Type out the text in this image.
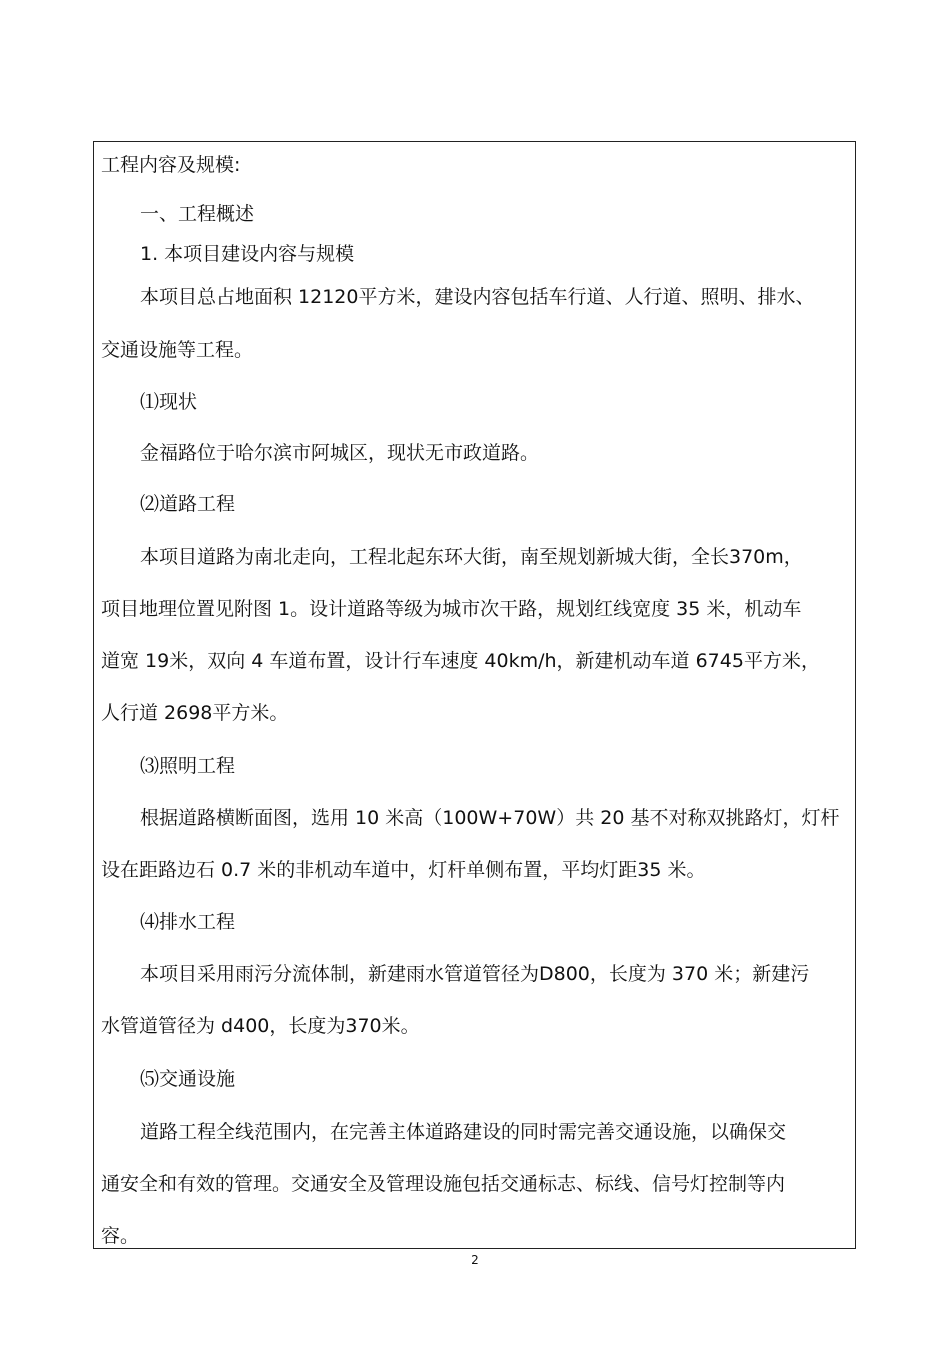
工程内容及规模:
一、工程概述
1. 本项目建设内容与规模
本项目总占地面积 12120平方米，建设内容包括车行道、人行道、照明、排水、
交通设施等工程。
⑴现状
金福路位于哈尔滨市阿城区，现状无市政道路。
⑵道路工程
本项目道路为南北走向，工程北起东环大街，南至规划新城大街，全长370m，
项目地理位置见附图 1。设计道路等级为城市次干路，规划红线宽度 35 米，机动车
道宽 19米，双向 4 车道布置，设计行车速度 40km/h，新建机动车道 6745平方米，
人行道 2698平方米。
⑶照明工程
根据道路横断面图，选用 10 米高（100W+70W）共 20 基不对称双挑路灯，灯杆
设在距路边石 0.7 米的非机动车道中，灯杆单侧布置，平均灯距35 米。
⑷排水工程
本项目采用雨污分流体制，新建雨水管道管径为D800，长度为 370 米；新建污
水管道管径为 d400，长度为370米。
⑸交通设施
道路工程全线范围内，在完善主体道路建设的同时需完善交通设施，以确保交
通安全和有效的管理。交通安全及管理设施包括交通标志、标线、信号灯控制等内
容。
2
